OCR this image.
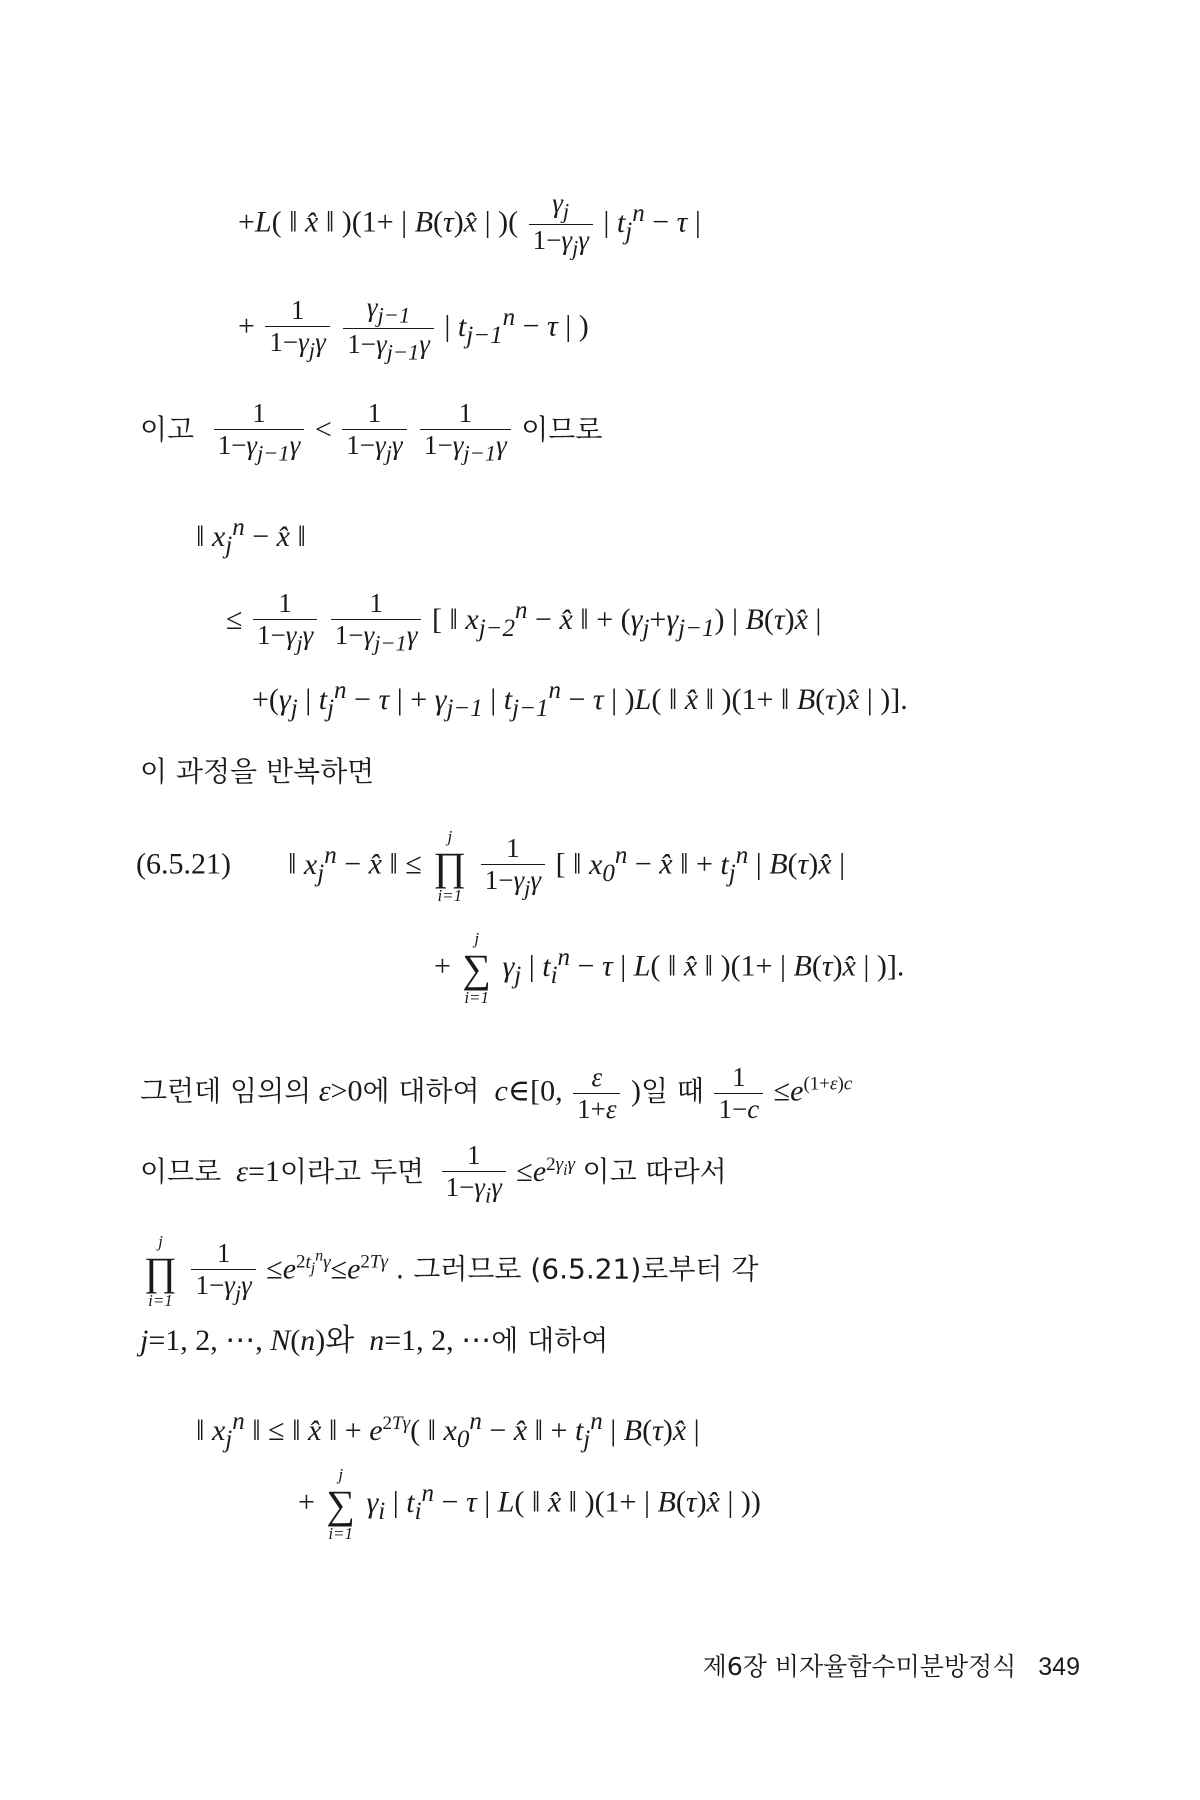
+L( ‖ x̂ ‖ )(1+ | B(τ)x̂ | )( $\frac{\gamma_j}{1-\gamma_j\gamma}$ | $t_j^n - \tau$ |
+ $\frac{1}{1-\gamma_j\gamma}$
$\frac{\gamma_{j-1}}{1-\gamma_{j-1}\gamma}$ | $t_{j-1}^n - \tau$ | )
이고 $\frac{1}{1-\gamma_{j-1}\gamma} < \frac{1}{1-\gamma_j\gamma}$
$\frac{1}{1-\gamma_{j-1}\gamma}$ 이므로
‖ $x_j^n$ − x̂ ‖
≤ $\frac{1}{1-\gamma_j\gamma}$
$\frac{1}{1-\gamma_{j-1}\gamma}$ [ ‖ $x_{j-2}^n$ − x̂ ‖ + $(\gamma_j+\gamma_{j-1})$ | B(τ)x̂ |
$+(\gamma_j$ | $t_j^n - \tau$ | + $\gamma_{j-1}$ | $t_{j-1}^n - \tau$ | )L( ‖ x̂ ‖ )(1+ ‖ B(τ)x̂ | )].
이 과정을 반복하면
(6.5.21)  ‖ $x_j^n$ − x̂ ‖ ≤
j
∏
i=1
$\frac{1}{1-\gamma_j\gamma}$ [ ‖ $x_0^n$ − x̂ ‖ + $t_j^n$ | B(τ)x̂ |
+
j
∑
i=1
$\gamma_j$ | $t_i^n - \tau$ | L( ‖ x̂ ‖ )(1+ | B(τ)x̂ | )].
그런데 임의의 ε>0에 대하여 c∈[0, $\frac{\varepsilon}{1+\varepsilon}$ )일 때 $\frac{1}{1-c} \le e^{(1+\varepsilon)c}$
이므로 ε=1이라고 두면 $\frac{1}{1-\gamma_i\gamma} \le e^{2\gamma_i\gamma}$ 이고 따라서
j
∏
i=1
$\frac{1}{1-\gamma_j\gamma} \le e^{2t_j^n\gamma}\le e^{2T\gamma}$ . 그러므로 (6.5.21)로부터 각
j=1, 2, ⋯, N(n)와  n=1, 2, ⋯에 대하여
‖ $x_j^n$ ‖ ≤ ‖ x̂ ‖ + $e^{2T\gamma}$( ‖ $x_0^n$ − x̂ ‖ + $t_j^n$ | B(τ)x̂ |
+
j
∑
i=1
$\gamma_i$ | $t_i^n - \tau$ | L( ‖ x̂ ‖ )(1+ | B(τ)x̂ | ))
제6장 비자율함수미분방정식 349
